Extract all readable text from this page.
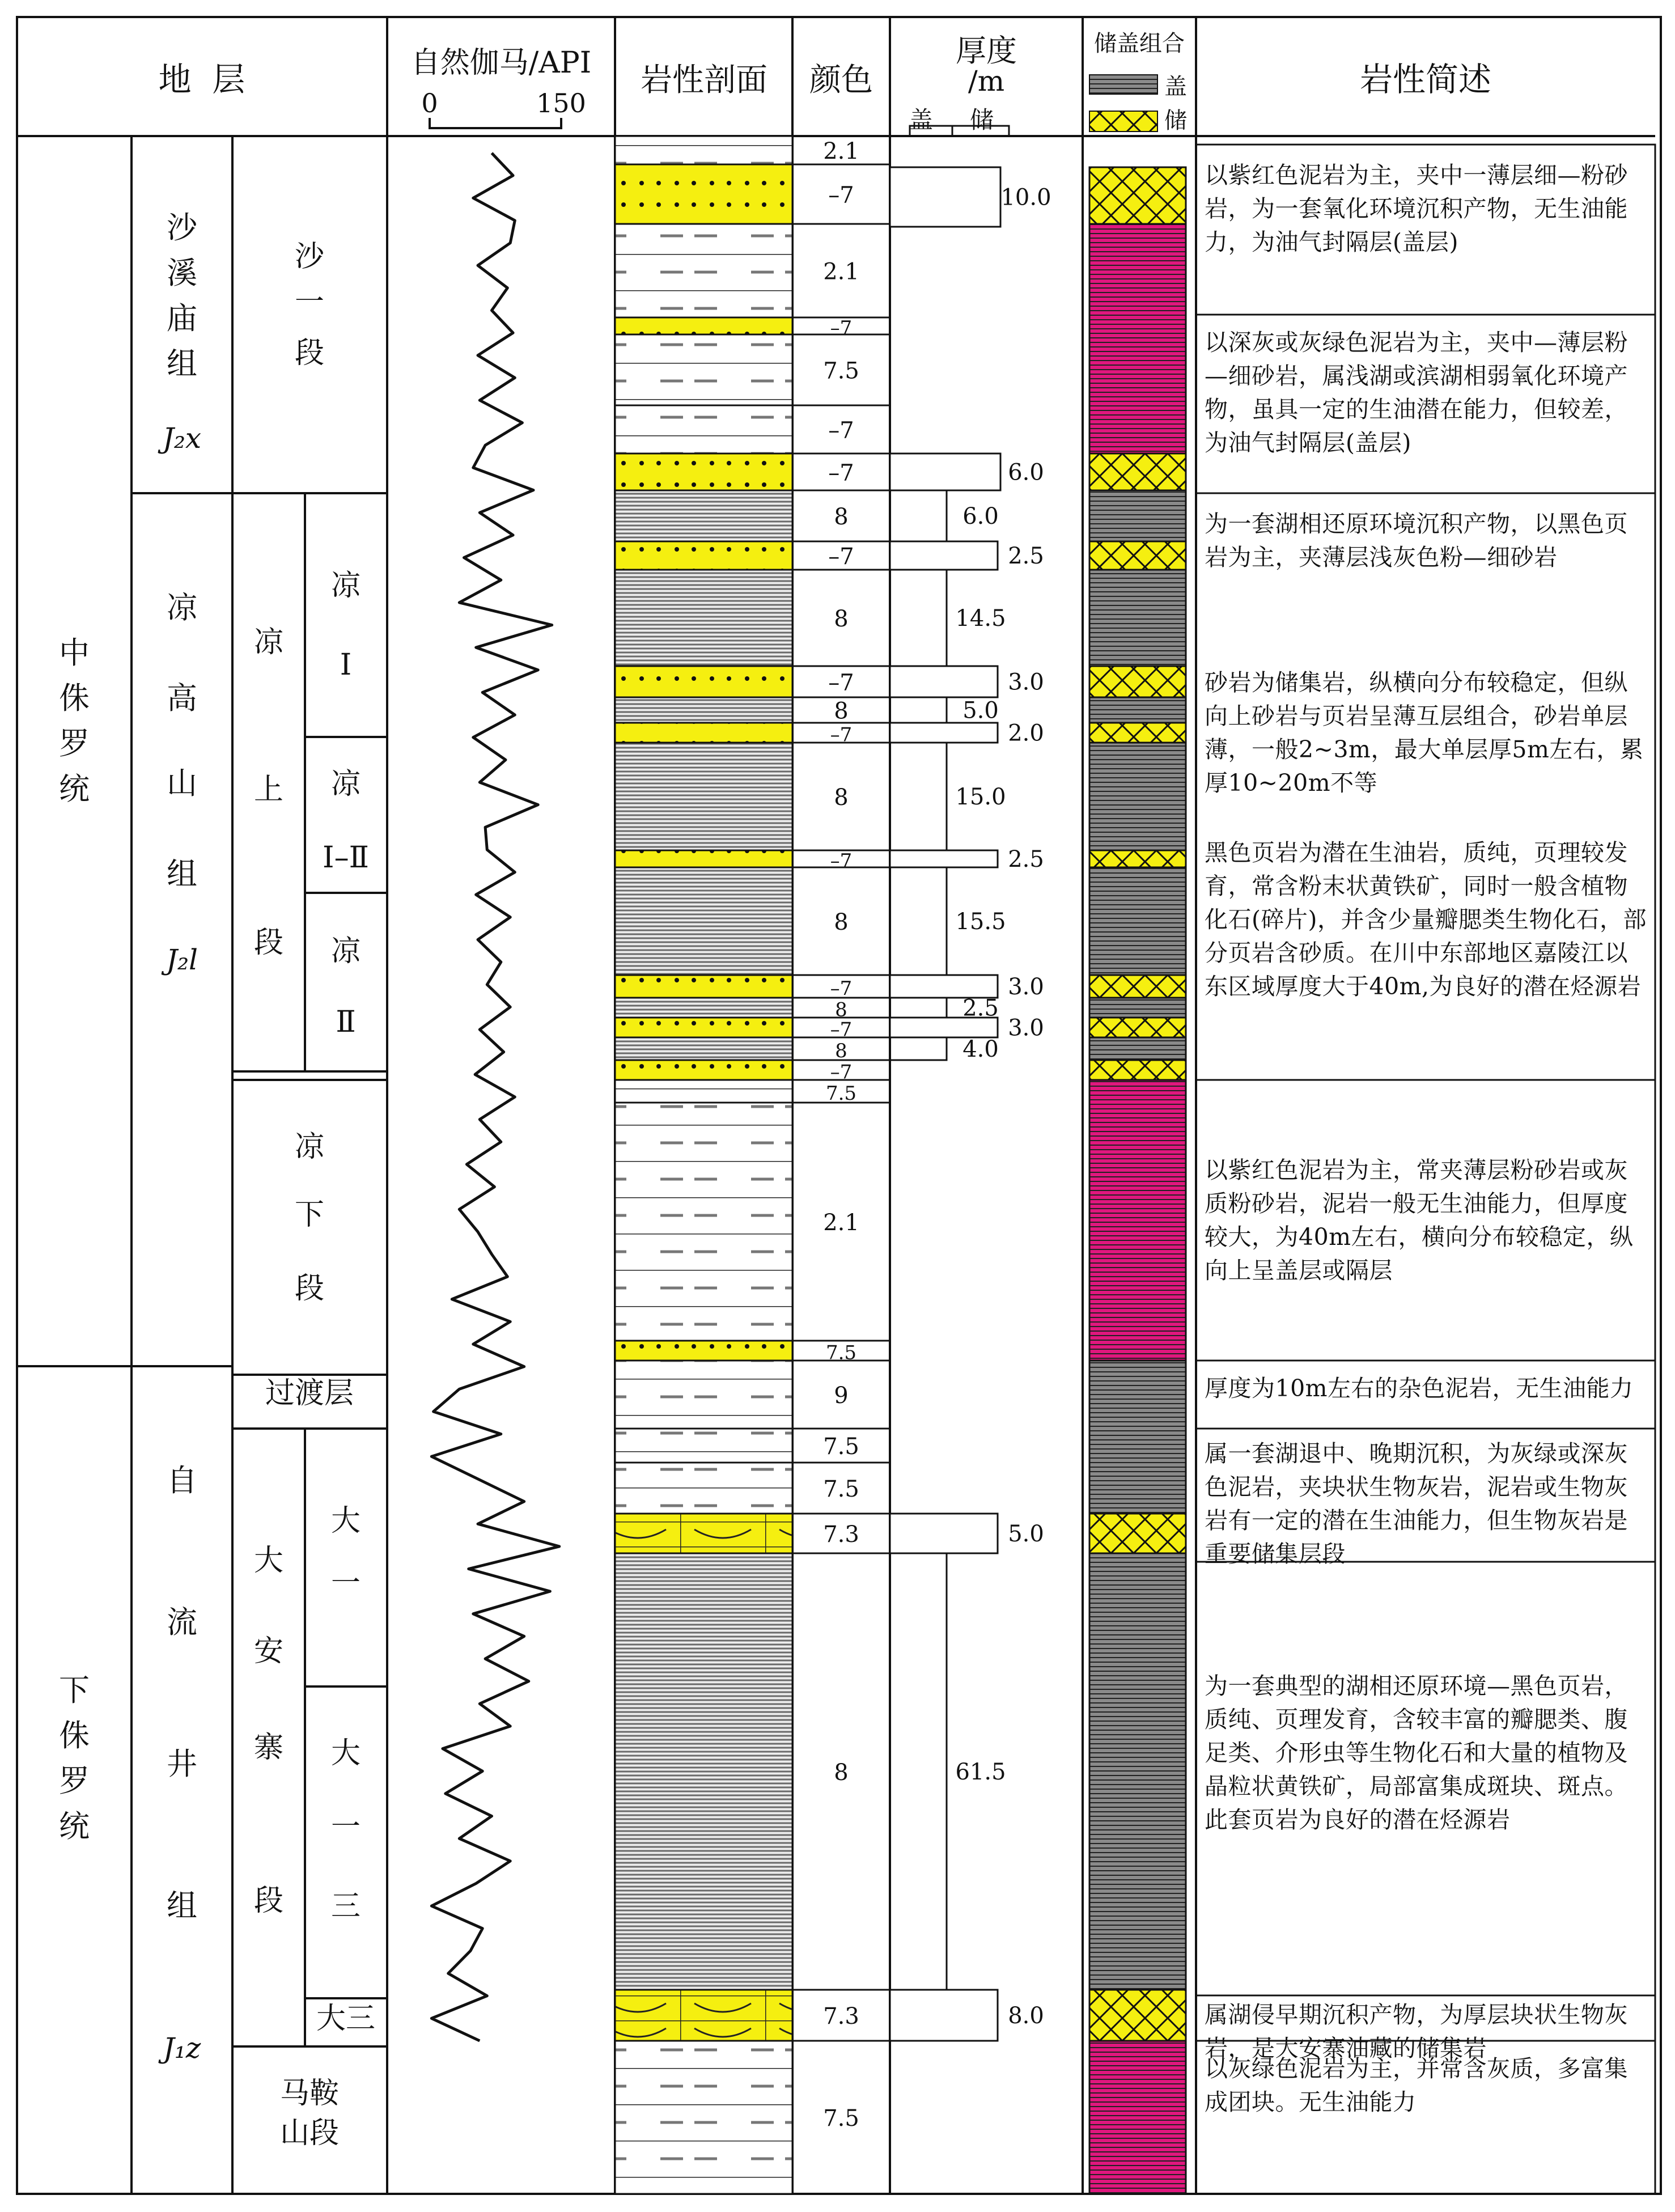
地  层	自然伽马/API
0	150
岩性剖面 颜色
厚度
/m
盖 储
储盖组合
盖
储
岩性简述
中
侏
罗
统
下
侏
罗
统
沙
溪
庙
组
J₂x
凉
高
山
组
J₂l
自
流
井
组
J₁z
沙
一
段
凉
上
段
凉
下
段
过渡层
大
安
寨
段
马鞍
山段
凉
Ⅰ
凉
Ⅰ–Ⅱ
凉
Ⅱ
大
一
大
一
三
大三
2.1
–7
2.1
–7
7.5
–7
–7
8
–7
8
–7
8
–7
8
–7
8
–7
8
–7
8
–7
7.5
2.1
7.5
9
7.5
7.5
7.3
8
7.3
7.5
10.0
6.0
2.5
3.0
2.0
2.5
3.0
3.0
5.0
8.0
6.0
14.5
5.0
15.0
15.5
2.5
4.0
61.5
以紫红色泥岩为主，夹中一薄层细—粉砂岩，为一套氧化环境沉积产物，无生油能力，为油气封隔层(盖层)
以深灰或灰绿色泥岩为主，夹中—薄层粉—细砂岩，属浅湖或滨湖相弱氧化环境产物，虽具一定的生油潜在能力，但较差，为油气封隔层(盖层)
为一套湖相还原环境沉积产物，以黑色页岩为主，夹薄层浅灰色粉—细砂岩
砂岩为储集岩，纵横向分布较稳定，但纵向上砂岩与页岩呈薄互层组合，砂岩单层薄，一般2~3m，最大单层厚5m左右，累厚10~20m不等
黑色页岩为潜在生油岩，质纯，页理较发育，常含粉末状黄铁矿，同时一般含植物化石(碎片)，并含少量瓣腮类生物化石，部分页岩含砂质。在川中东部地区嘉陵江以东区域厚度大于40m,为良好的潜在烃源岩
以紫红色泥岩为主，常夹薄层粉砂岩或灰质粉砂岩，泥岩一般无生油能力，但厚度较大，为40m左右，横向分布较稳定，纵向上呈盖层或隔层
厚度为10m左右的杂色泥岩，无生油能力
属一套湖退中、晚期沉积，为灰绿或深灰色泥岩，夹块状生物灰岩，泥岩或生物灰岩有一定的潜在生油能力，但生物灰岩是重要储集层段
为一套典型的湖相还原环境—黑色页岩，质纯、页理发育，含较丰富的瓣腮类、腹足类、介形虫等生物化石和大量的植物及晶粒状黄铁矿，局部富集成斑块、斑点。此套页岩为良好的潜在烃源岩
属湖侵早期沉积产物，为厚层块状生物灰岩，是大安寨油藏的储集岩
以灰绿色泥岩为主，并常含灰质，多富集成团块。无生油能力
